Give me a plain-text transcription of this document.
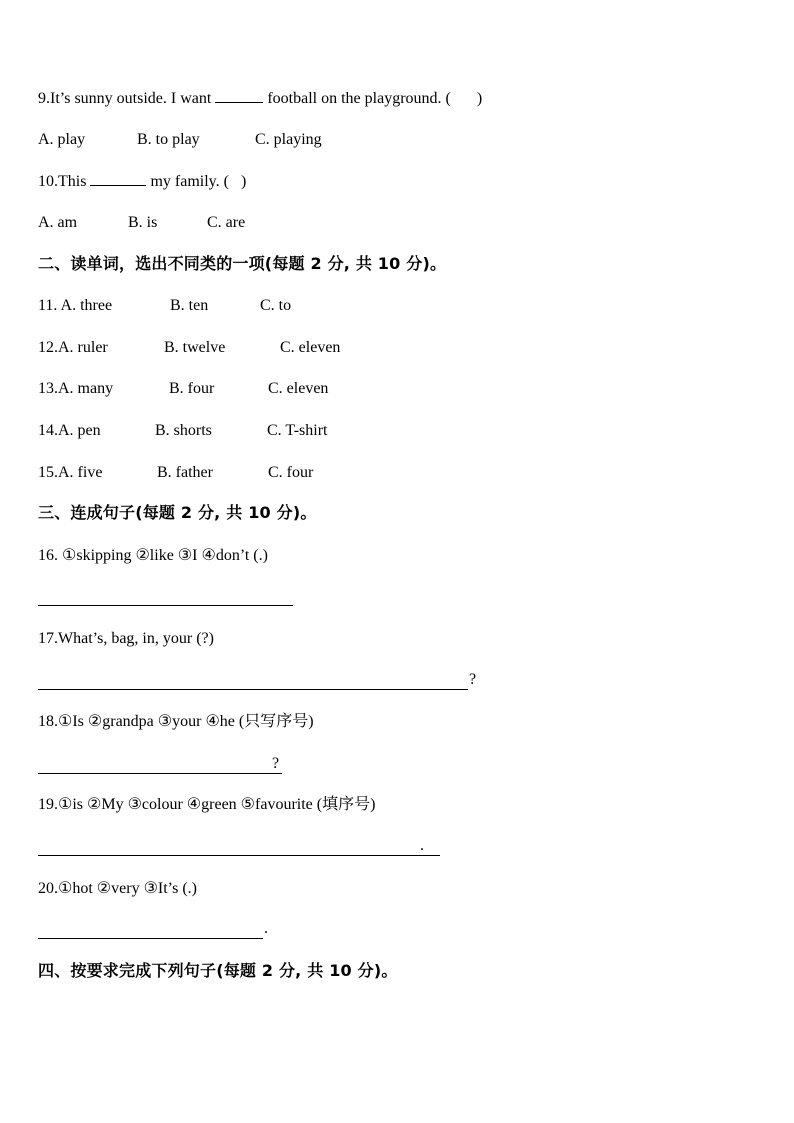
9.It’s sunny outside. I want	football on the playground. ( )
A. play	B. to play	C. playing
10.This	my family. ( )
A. am	B. is	C. are
二、读单词，选出不同类的一项(每题 2 分, 共 10 分)。
11. A. three	B. ten	C. to
12.A. ruler	B. twelve	C. eleven
13.A. many	B. four	C. eleven
14.A. pen	B. shorts	C. T-shirt
15.A. five	B. father	C. four
三、连成句子(每题 2 分, 共 10 分)。
16. ①skipping ②like ③I ④don’t (.)
17.What’s, bag, in, your (?)
?
18.①Is ②grandpa ③your ④he (只写序号)
?
19.①is ②My ③colour ④green ⑤favourite (填序号)
.
20.①hot ②very ③It’s (.)
.
四、按要求完成下列句子(每题 2 分, 共 10 分)。
